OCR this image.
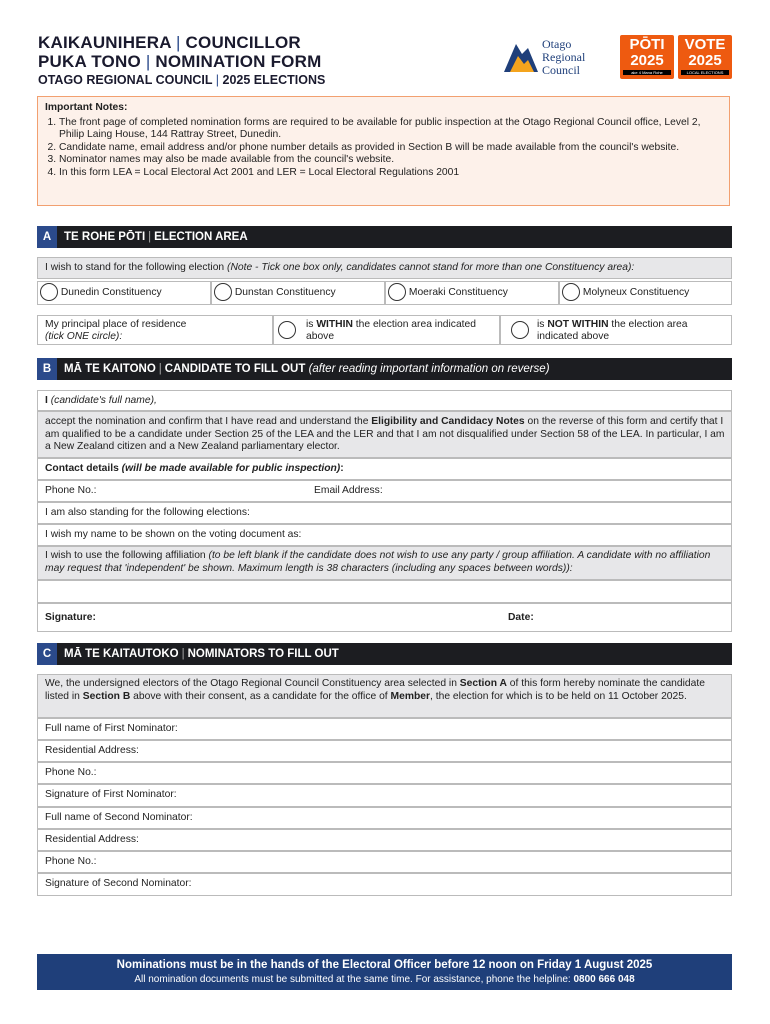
KAIKAUNIHERA | COUNCILLOR
PUKA TONO | NOMINATION FORM
OTAGO REGIONAL COUNCIL | 2025 ELECTIONS
Otago
Regional
Council
PŌTI
2025
ake 4 Mana Rohe
VOTE
2025
LOCAL ELECTIONS
Important Notes:
1. The front page of completed nomination forms are required to be available for public inspection at the Otago Regional Council office, Level 2, Philip Laing House, 144 Rattray Street, Dunedin.
2. Candidate name, email address and/or phone number details as provided in Section B will be made available from the council's website.
3. Nominator names may also be made available from the council's website.
4. In this form LEA = Local Electoral Act 2001 and LER = Local Electoral Regulations 2001
A TE ROHE PŌTI | ELECTION AREA
I wish to stand for the following election (Note - Tick one box only, candidates cannot stand for more than one Constituency area):
Dunedin Constituency	Dunstan Constituency	Moeraki Constituency	Molyneux Constituency
My principal place of residence
(tick ONE circle):
is WITHIN the election area indicated above
is NOT WITHIN the election area indicated above
B MĀ TE KAITONO | CANDIDATE TO FILL OUT (after reading important information on reverse)
I (candidate's full name),
accept the nomination and confirm that I have read and understand the Eligibility and Candidacy Notes on the reverse of this form and certify that I am qualified to be a candidate under Section 25 of the LEA and the LER and that I am not disqualified under Section 58 of the LEA. In particular, I am a New Zealand citizen and a New Zealand parliamentary elector.
Contact details (will be made available for public inspection):
Phone No.:	Email Address:
I am also standing for the following elections:
I wish my name to be shown on the voting document as:
I wish to use the following affiliation (to be left blank if the candidate does not wish to use any party / group affiliation. A candidate with no affiliation may request that 'independent' be shown. Maximum length is 38 characters (including any spaces between words)):
Signature:	Date:
C MĀ TE KAITAUTOKO | NOMINATORS TO FILL OUT
We, the undersigned electors of the Otago Regional Council Constituency area selected in Section A of this form hereby nominate the candidate listed in Section B above with their consent, as a candidate for the office of Member, the election for which is to be held on 11 October 2025.
Full name of First Nominator:
Residential Address:
Phone No.:
Signature of First Nominator:
Full name of Second Nominator:
Residential Address:
Phone No.:
Signature of Second Nominator:
Nominations must be in the hands of the Electoral Officer before 12 noon on Friday 1 August 2025
All nomination documents must be submitted at the same time. For assistance, phone the helpline: 0800 666 048
